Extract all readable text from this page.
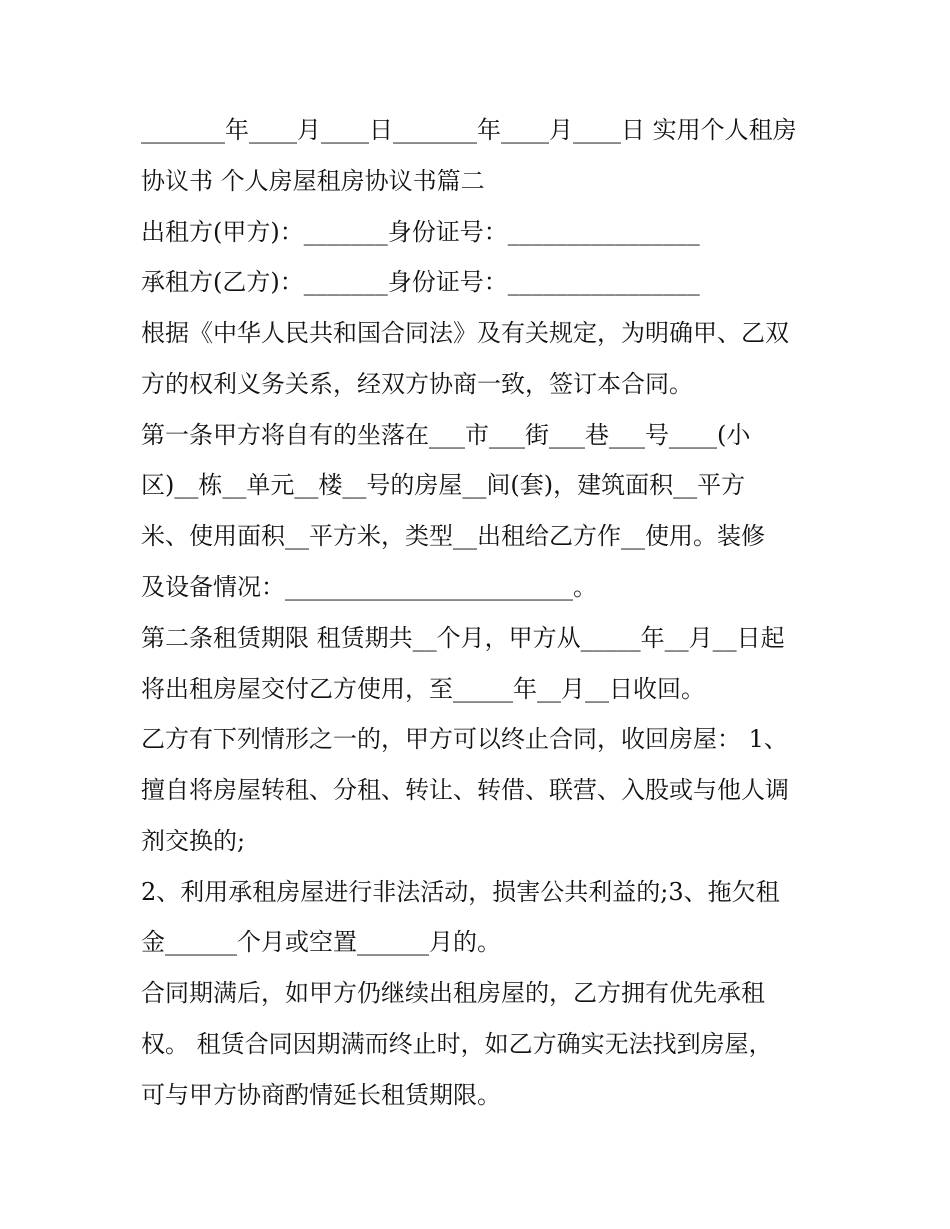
_______年____月____日_______年____月____日 实用个人租房
协议书 个人房屋租房协议书篇二
出租方(甲方)：_______身份证号：________________
承租方(乙方)：_______身份证号：________________
根据《中华人民共和国合同法》及有关规定，为明确甲、乙双
方的权利义务关系，经双方协商一致，签订本合同。
第一条甲方将自有的坐落在___市___街___巷___号____(小
区)__栋__单元__楼__号的房屋__间(套)，建筑面积__平方
米、使用面积__平方米，类型__出租给乙方作__使用。装修
及设备情况：________________________。
第二条租赁期限 租赁期共__个月，甲方从_____年__月__日起
将出租房屋交付乙方使用，至_____年__月__日收回。
乙方有下列情形之一的，甲方可以终止合同，收回房屋： 1、
擅自将房屋转租、分租、转让、转借、联营、入股或与他人调
剂交换的;
2、利用承租房屋进行非法活动，损害公共利益的;3、拖欠租
金______个月或空置______月的。
合同期满后，如甲方仍继续出租房屋的，乙方拥有优先承租
权。 租赁合同因期满而终止时，如乙方确实无法找到房屋，
可与甲方协商酌情延长租赁期限。
